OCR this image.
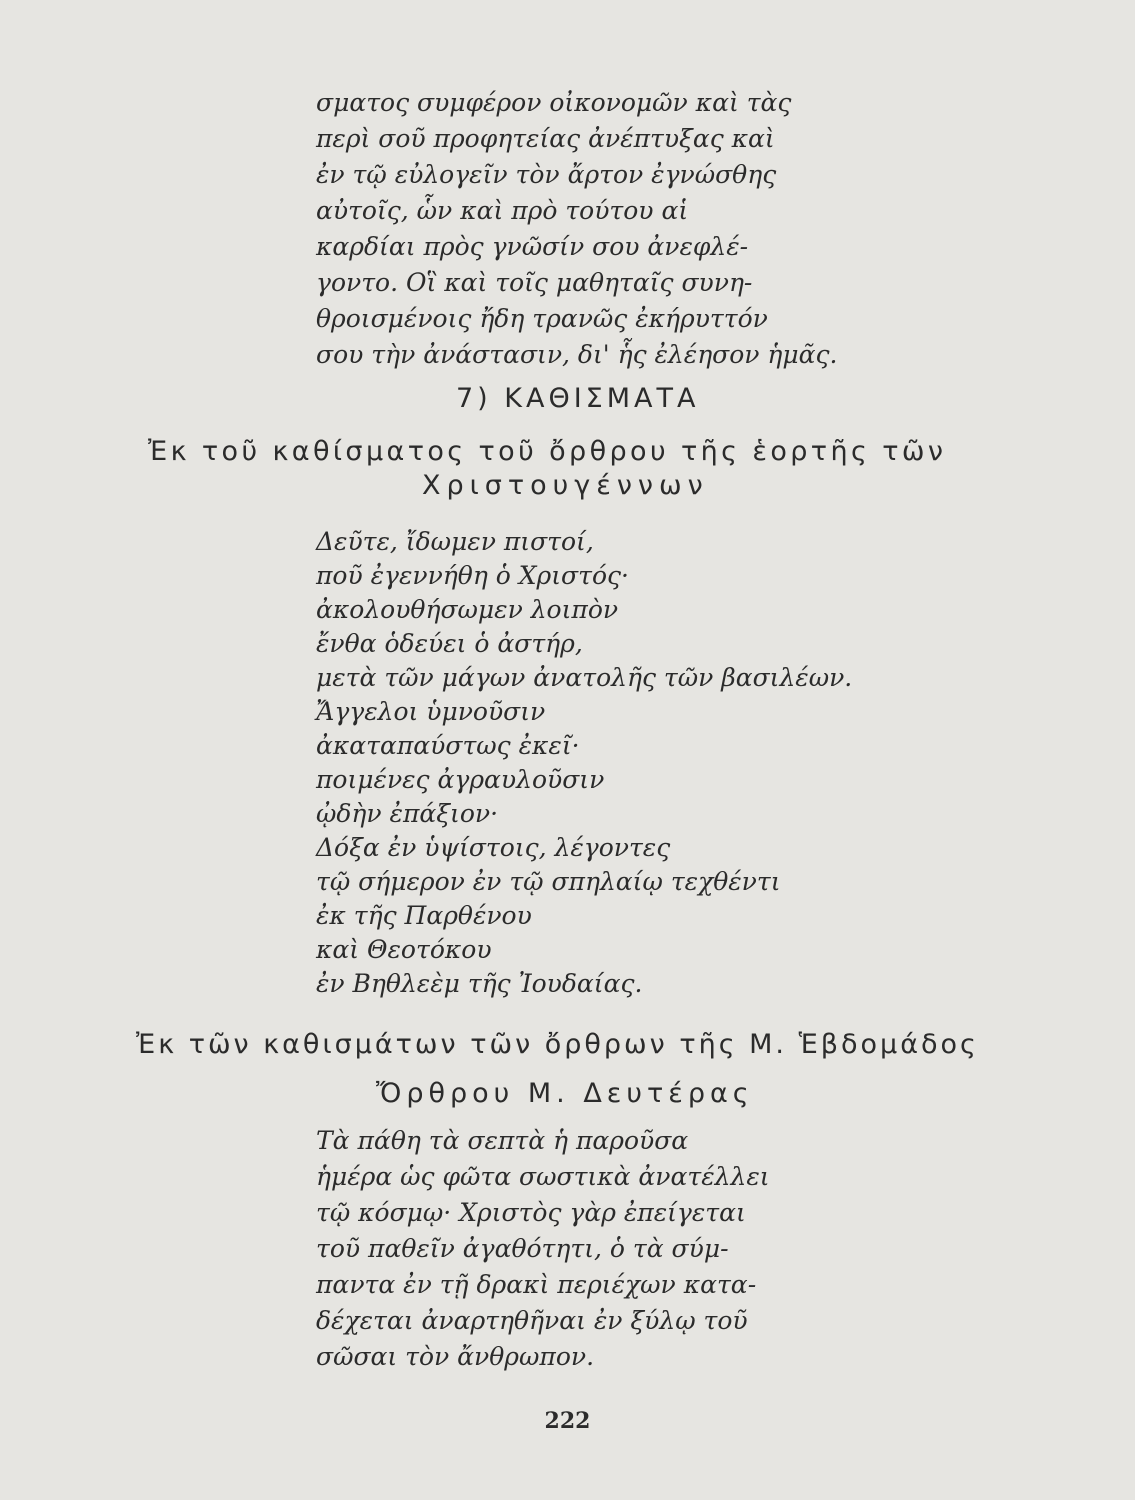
σματος συμφέρον οἰκονομῶν καὶ τὰς
περὶ σοῦ προφητείας ἀνέπτυξας καὶ
ἐν τῷ εὐλογεῖν τὸν ἄρτον ἐγνώσθης
αὐτοῖς, ὧν καὶ πρὸ τούτου αἱ
καρδίαι πρὸς γνῶσίν σου ἀνεφλέ-
γοντο. Οἳ καὶ τοῖς μαθηταῖς συνη-
θροισμένοις ἤδη τρανῶς ἐκήρυττόν
σου τὴν ἀνάστασιν, δι' ἧς ἐλέησον ἡμᾶς.
7) ΚΑΘΙΣΜΑΤΑ
Ἐκ τοῦ καθίσματος τοῦ ὄρθρου τῆς ἑορτῆς τῶν
Χριστουγέννων
Δεῦτε, ἴδωμεν πιστοί,
ποῦ ἐγεννήθη ὁ Χριστός·
ἀκολουθήσωμεν λοιπὸν
ἔνθα ὁδεύει ὁ ἀστήρ,
μετὰ τῶν μάγων ἀνατολῆς τῶν βασιλέων.
Ἄγγελοι ὑμνοῦσιν
ἀκαταπαύστως ἐκεῖ·
ποιμένες ἀγραυλοῦσιν
ᾠδὴν ἐπάξιον·
Δόξα ἐν ὑψίστοις, λέγοντες
τῷ σήμερον ἐν τῷ σπηλαίῳ τεχθέντι
ἐκ τῆς Παρθένου
καὶ Θεοτόκου
ἐν Βηθλεὲμ τῆς Ἰουδαίας.
Ἐκ τῶν καθισμάτων τῶν ὄρθρων τῆς Μ. Ἑβδομάδος
Ὄρθρου Μ. Δευτέρας
Τὰ πάθη τὰ σεπτὰ ἡ παροῦσα
ἡμέρα ὡς φῶτα σωστικὰ ἀνατέλλει
τῷ κόσμῳ· Χριστὸς γὰρ ἐπείγεται
τοῦ παθεῖν ἀγαθότητι, ὁ τὰ σύμ-
παντα ἐν τῇ δρακὶ περιέχων κατα-
δέχεται ἀναρτηθῆναι ἐν ξύλῳ τοῦ
σῶσαι τὸν ἄνθρωπον.
222
